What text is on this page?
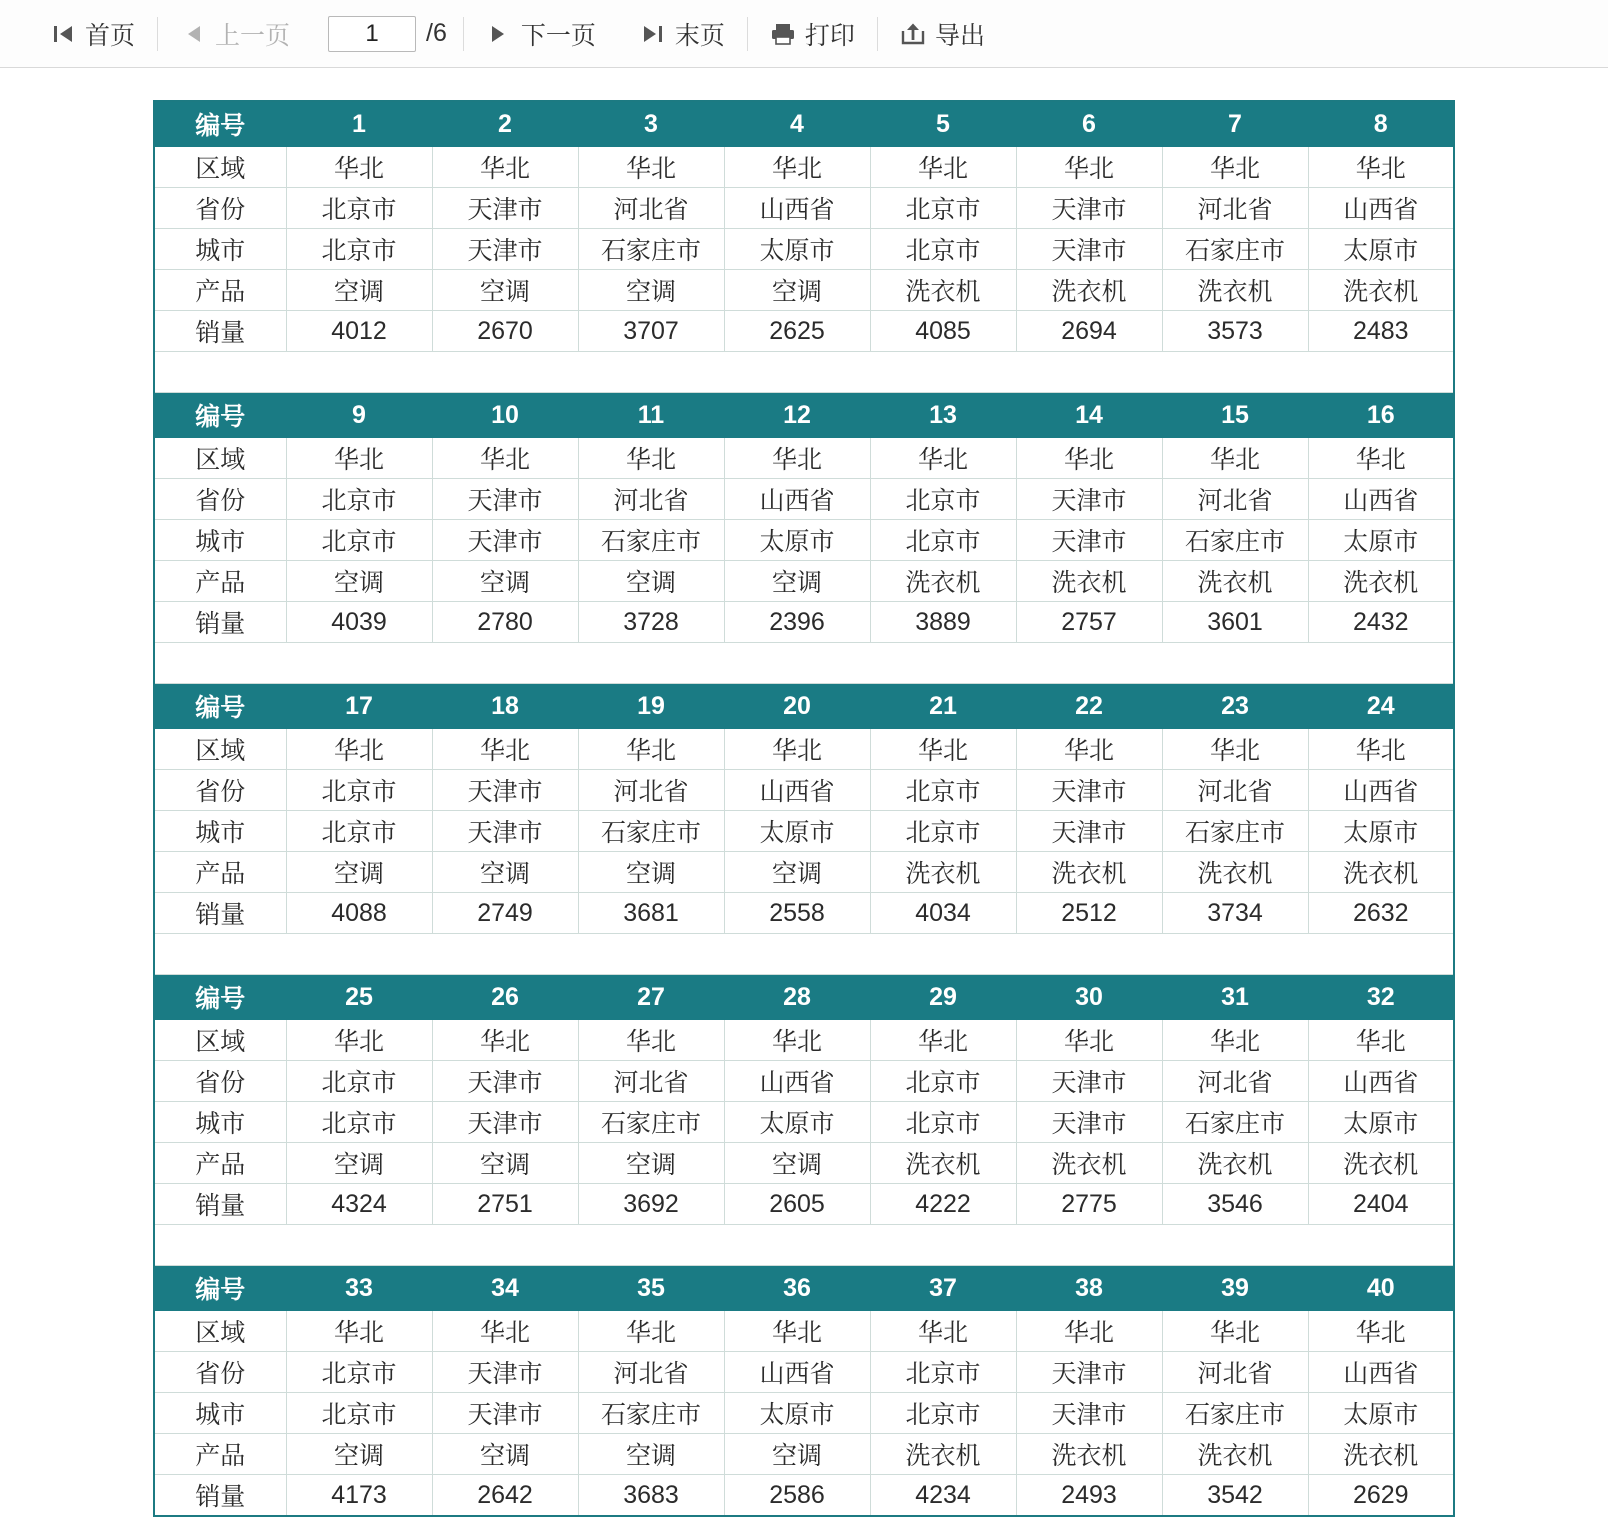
首页	上一页
1	/6	下一页	末页	打印	导出
编号	1	2	3	4	5	6	7	8
区域	华北	华北	华北	华北	华北	华北	华北	华北
省份	北京市	天津市	河北省	山西省	北京市	天津市	河北省	山西省
城市	北京市	天津市	石家庄市	太原市	北京市	天津市	石家庄市	太原市
产品	空调	空调	空调	空调	洗衣机	洗衣机	洗衣机	洗衣机
销量	4012	2670	3707	2625	4085	2694	3573	2483

编号	9	10	11	12	13	14	15	16
区域	华北	华北	华北	华北	华北	华北	华北	华北
省份	北京市	天津市	河北省	山西省	北京市	天津市	河北省	山西省
城市	北京市	天津市	石家庄市	太原市	北京市	天津市	石家庄市	太原市
产品	空调	空调	空调	空调	洗衣机	洗衣机	洗衣机	洗衣机
销量	4039	2780	3728	2396	3889	2757	3601	2432

编号	17	18	19	20	21	22	23	24
区域	华北	华北	华北	华北	华北	华北	华北	华北
省份	北京市	天津市	河北省	山西省	北京市	天津市	河北省	山西省
城市	北京市	天津市	石家庄市	太原市	北京市	天津市	石家庄市	太原市
产品	空调	空调	空调	空调	洗衣机	洗衣机	洗衣机	洗衣机
销量	4088	2749	3681	2558	4034	2512	3734	2632

编号	25	26	27	28	29	30	31	32
区域	华北	华北	华北	华北	华北	华北	华北	华北
省份	北京市	天津市	河北省	山西省	北京市	天津市	河北省	山西省
城市	北京市	天津市	石家庄市	太原市	北京市	天津市	石家庄市	太原市
产品	空调	空调	空调	空调	洗衣机	洗衣机	洗衣机	洗衣机
销量	4324	2751	3692	2605	4222	2775	3546	2404

编号	33	34	35	36	37	38	39	40
区域	华北	华北	华北	华北	华北	华北	华北	华北
省份	北京市	天津市	河北省	山西省	北京市	天津市	河北省	山西省
城市	北京市	天津市	石家庄市	太原市	北京市	天津市	石家庄市	太原市
产品	空调	空调	空调	空调	洗衣机	洗衣机	洗衣机	洗衣机
销量	4173	2642	3683	2586	4234	2493	3542	2629
